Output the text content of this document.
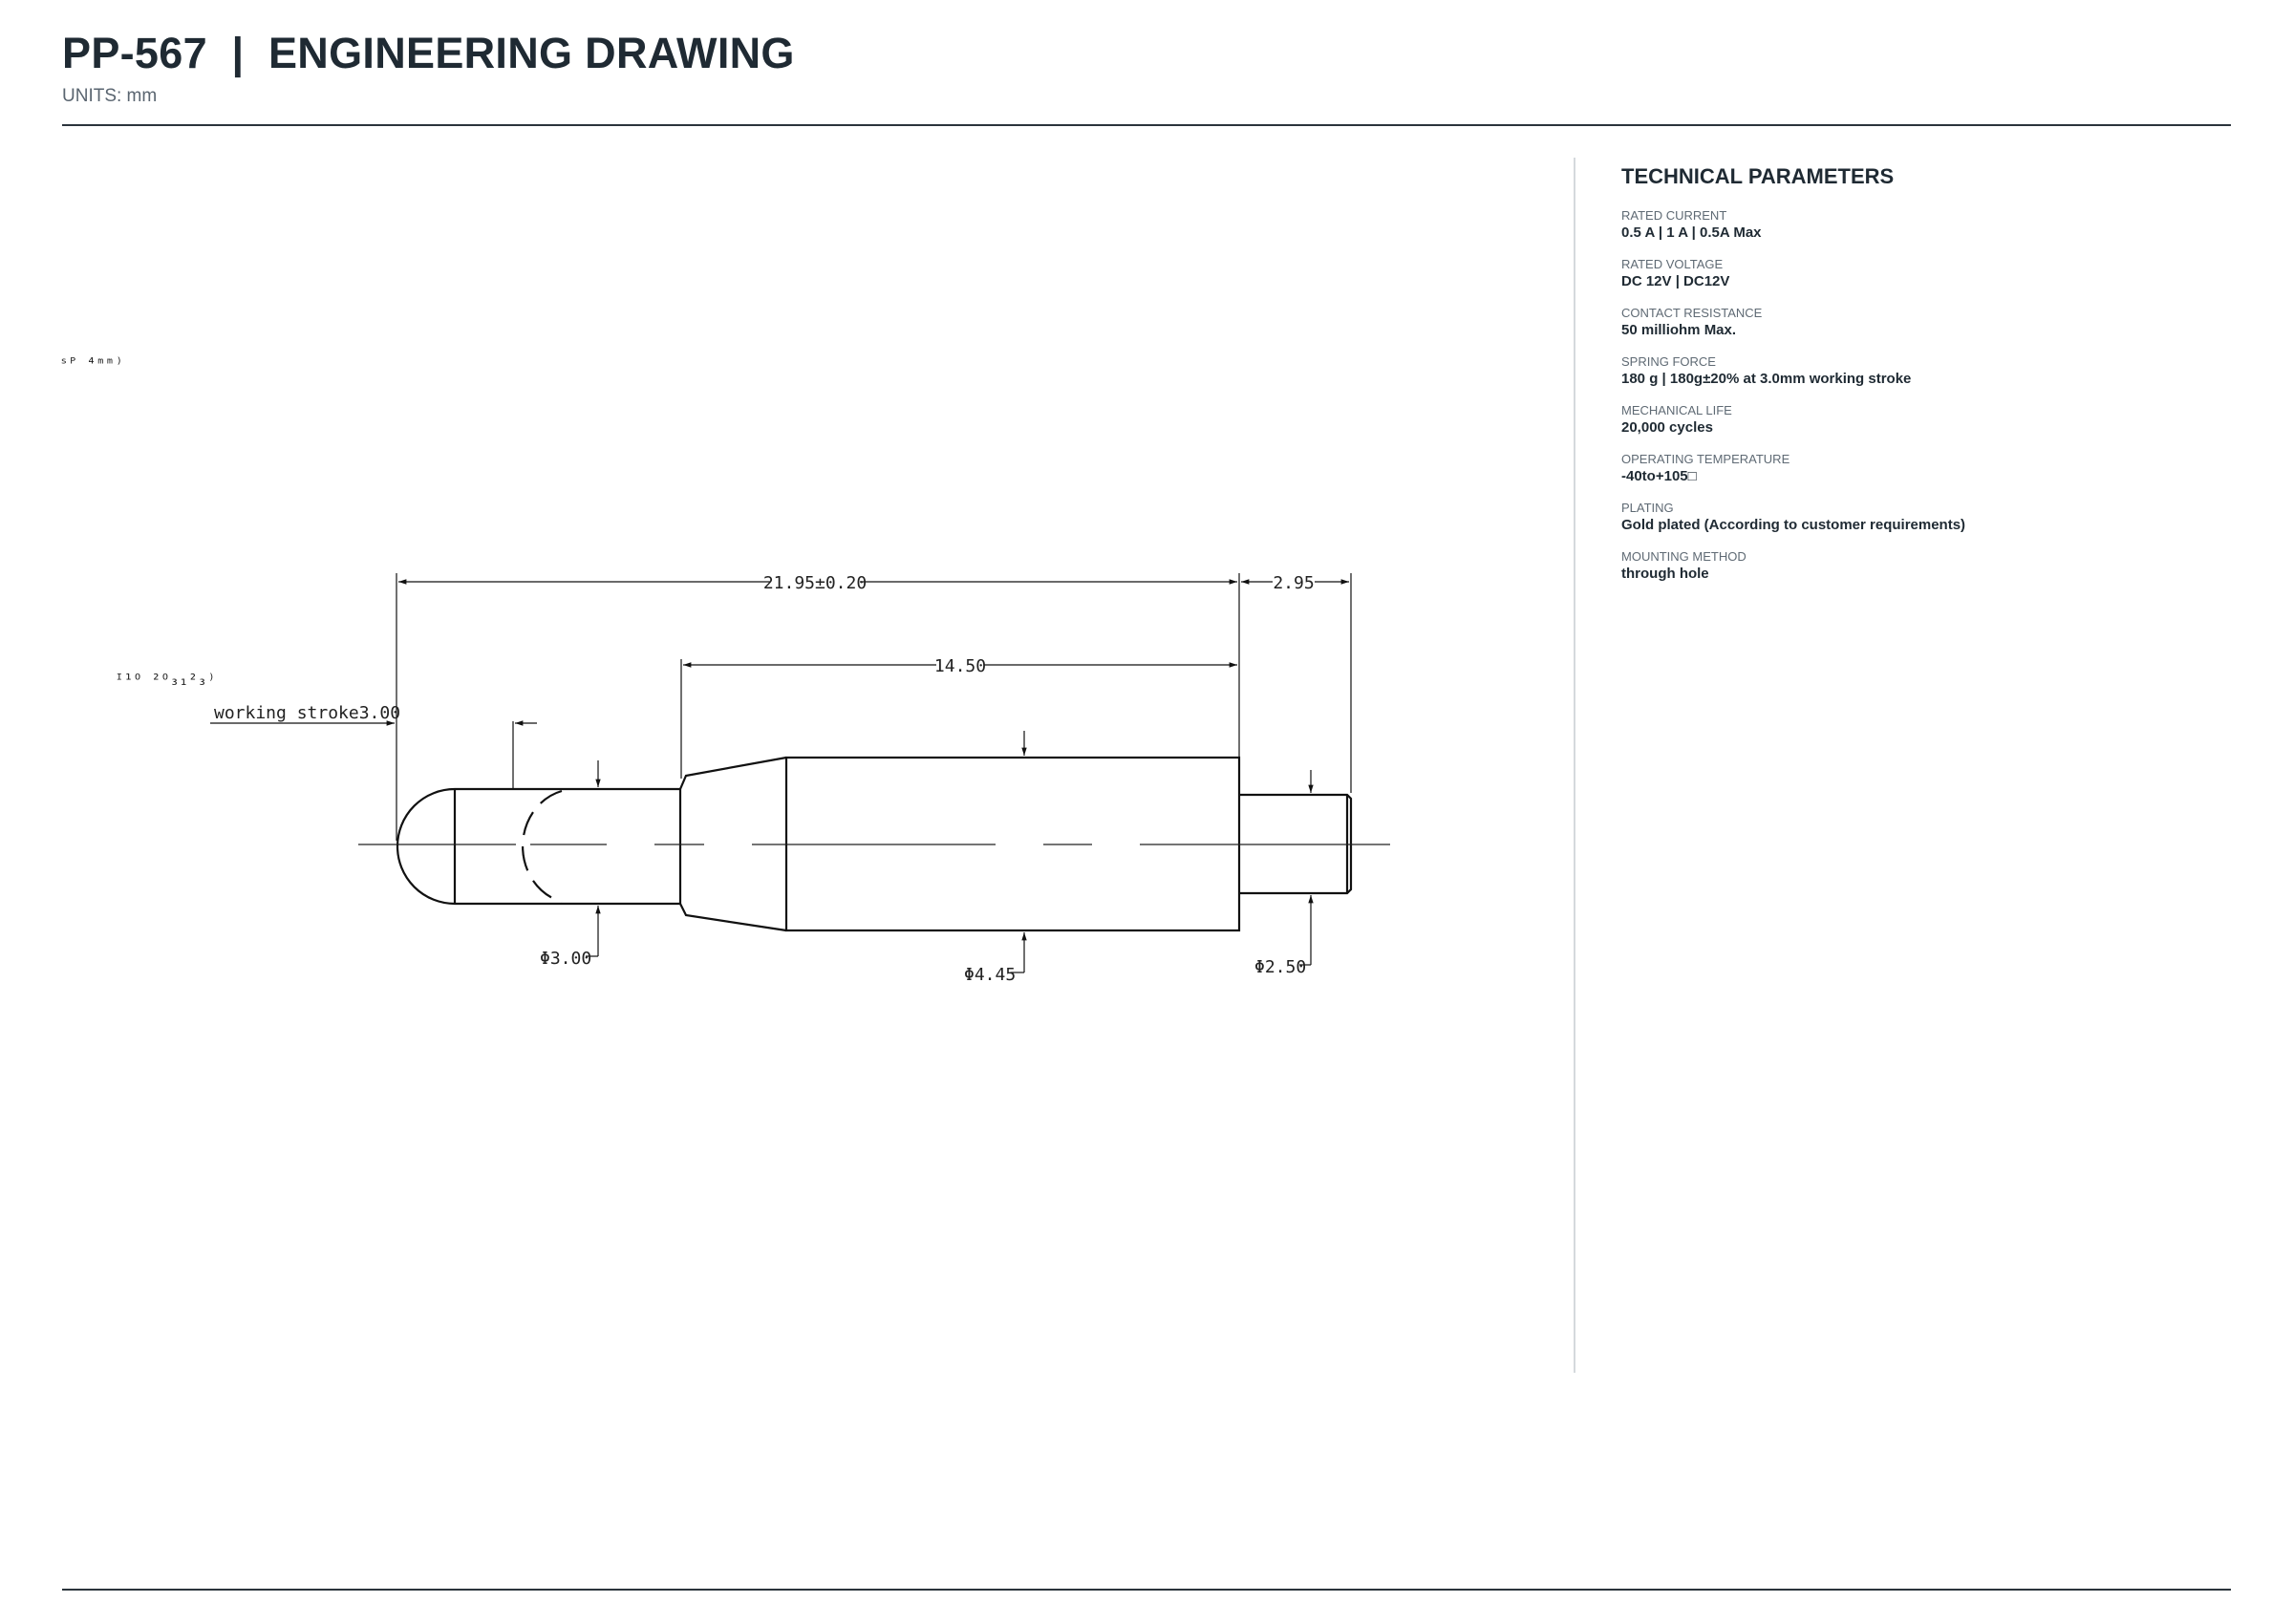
PP-567  |  ENGINEERING DRAWING
UNITS: mm
21.95±0.20	2.95
14.50
working stroke3.00
Φ3.00
Φ4.45	Φ2.50
ˢᴾ ⁴ᵐᵐ⁾
ᴵ¹ᴼ ²ᴼ₃₁²₃⁾
TECHNICAL PARAMETERS
RATED CURRENT
0.5 A | 1 A | 0.5A Max
RATED VOLTAGE
DC 12V | DC12V
CONTACT RESISTANCE
50 milliohm Max.
SPRING FORCE
180 g | 180g±20% at 3.0mm working stroke
MECHANICAL LIFE
20,000 cycles
OPERATING TEMPERATURE
-40to+105□
PLATING
Gold plated (According to customer requirements)
MOUNTING METHOD
through hole
